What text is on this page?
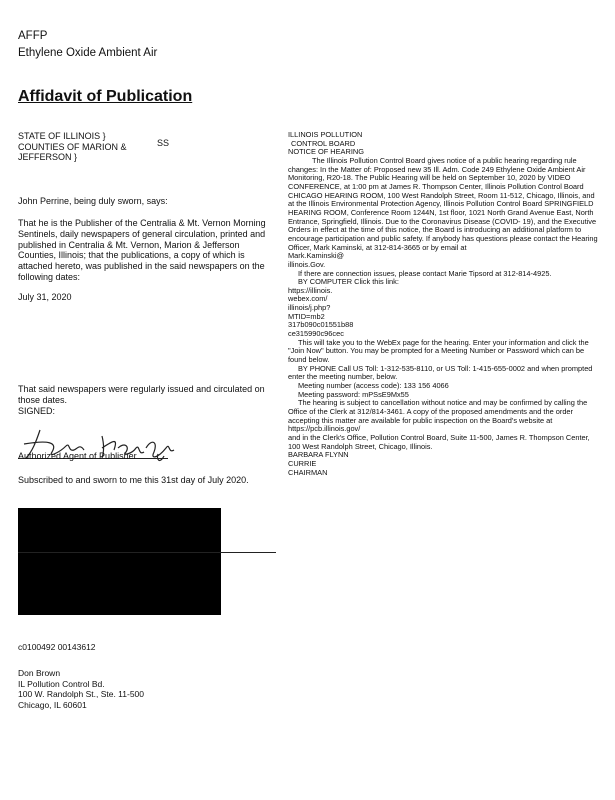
AFFP
Ethylene Oxide Ambient Air
Affidavit of Publication
STATE OF ILLINOIS }
COUNTIES OF MARION &
JEFFERSON }
SS
John Perrine, being duly sworn, says:
That he is the Publisher of the Centralia & Mt. Vernon Morning Sentinels, daily newspapers of general circulation, printed and published in Centralia & Mt. Vernon, Marion & Jefferson Counties, Illinois; that the publications, a copy of which is attached hereto, was published in the said newspapers on the following dates:
July 31, 2020
That said newspapers were regularly issued and circulated on those dates.
SIGNED:
Authorized Agent of Publisher
Subscribed to and sworn to me this 31st day of July 2020.
c0100492 00143612
Don Brown
IL Pollution Control Bd.
100 W. Randolph St., Ste. 11-500
Chicago, IL 60601
ILLINOIS POLLUTION
CONTROL BOARD
NOTICE OF HEARING
The Illinois Pollution Control Board gives notice of a public hearing regarding rule changes: In the Matter of: Proposed new 35 Ill. Adm. Code 249 Ethylene Oxide Ambient Air Monitoring, R20-18. The Public Hearing will be held on September 10, 2020 by VIDEO CONFERENCE, at 1:00 pm at James R. Thompson Center, Illinois Pollution Control Board CHICAGO HEARING ROOM, 100 West Randolph Street, Room 11-512, Chicago, Illinois, and at the Illinois Environmental Protection Agency, Illinois Pollution Control Board SPRINGFIELD HEARING ROOM, Conference Room 1244N, 1st floor, 1021 North Grand Avenue East, North Entrance, Springfield, Illinois. Due to the Coronavirus Disease (COVID- 19), and the Executive Orders in effect at the time of this notice, the Board is introducing an additional platform to encourage participation and public safety. If anybody has questions please contact the Hearing Officer, Mark Kaminski, at 312-814-3665 or by email at
Mark.Kaminski@
illinois.Gov.
If there are connection issues, please contact Marie Tipsord at 312-814-4925.
BY COMPUTER Click this link:
https://illinois.
webex.com/
illinois/j.php?
MTID=mb2
317b090c01551b88
ce315990c96cec
This will take you to the WebEx page for the hearing. Enter your information and click the "Join Now" button. You may be prompted for a Meeting Number or Password which can be found below.
BY PHONE Call US Toll: 1-312-535-8110, or US Toll: 1-415-655-0002 and when prompted enter the meeting number, below.
Meeting number (access code): 133 156 4066
Meeting password: mPSsE9Mx55
The hearing is subject to cancellation without notice and may be confirmed by calling the Office of the Clerk at 312/814-3461. A copy of the proposed amendments and the order accepting this matter are available for public inspection on the Board's website at
https://pcb.illinois.gov/
and in the Clerk's Office, Pollution Control Board, Suite 11-500, James R. Thompson Center, 100 West Randolph Street, Chicago, Illinois.
BARBARA FLYNN
CURRIE
CHAIRMAN
